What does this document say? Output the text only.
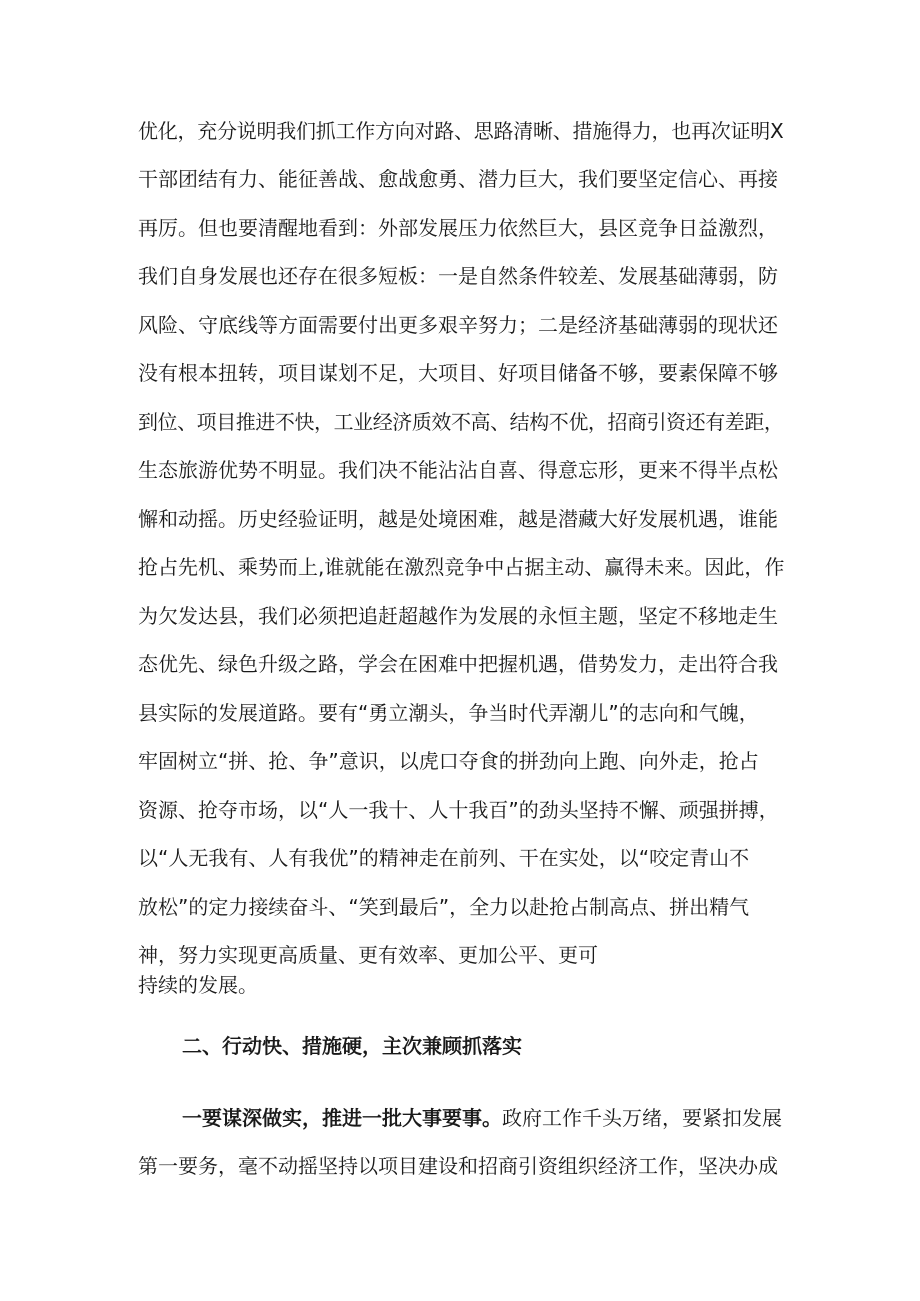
优化，充分说明我们抓工作方向对路、思路清晰、措施得力，也再次证明X
干部团结有力、能征善战、愈战愈勇、潜力巨大，我们要坚定信心、再接
再厉。但也要清醒地看到：外部发展压力依然巨大，县区竞争日益激烈，
我们自身发展也还存在很多短板：一是自然条件较差、发展基础薄弱，防
风险、守底线等方面需要付出更多艰辛努力；二是经济基础薄弱的现状还
没有根本扭转，项目谋划不足，大项目、好项目储备不够，要素保障不够
到位、项目推进不快，工业经济质效不高、结构不优，招商引资还有差距，
生态旅游优势不明显。我们决不能沾沾自喜、得意忘形，更来不得半点松
懈和动摇。历史经验证明，越是处境困难，越是潜藏大好发展机遇，谁能
抢占先机、乘势而上,谁就能在激烈竞争中占据主动、赢得未来。因此，作
为欠发达县，我们必须把追赶超越作为发展的永恒主题，坚定不移地走生
态优先、绿色升级之路，学会在困难中把握机遇，借势发力，走出符合我
县实际的发展道路。要有“勇立潮头，争当时代弄潮儿”的志向和气魄，
牢固树立“拼、抢、争”意识，以虎口夺食的拼劲向上跑、向外走，抢占
资源、抢夺市场，以“人一我十、人十我百”的劲头坚持不懈、顽强拼搏，
以“人无我有、人有我优”的精神走在前列、干在实处，以“咬定青山不
放松”的定力接续奋斗、“笑到最后”，全力以赴抢占制高点、拼出精气
神，努力实现更高质量、更有效率、更加公平、更可
持续的发展。
二、行动快、措施硬，主次兼顾抓落实
一要谋深做实，推进一批大事要事。政府工作千头万绪，要紧扣发展
第一要务，毫不动摇坚持以项目建设和招商引资组织经济工作，坚决办成
